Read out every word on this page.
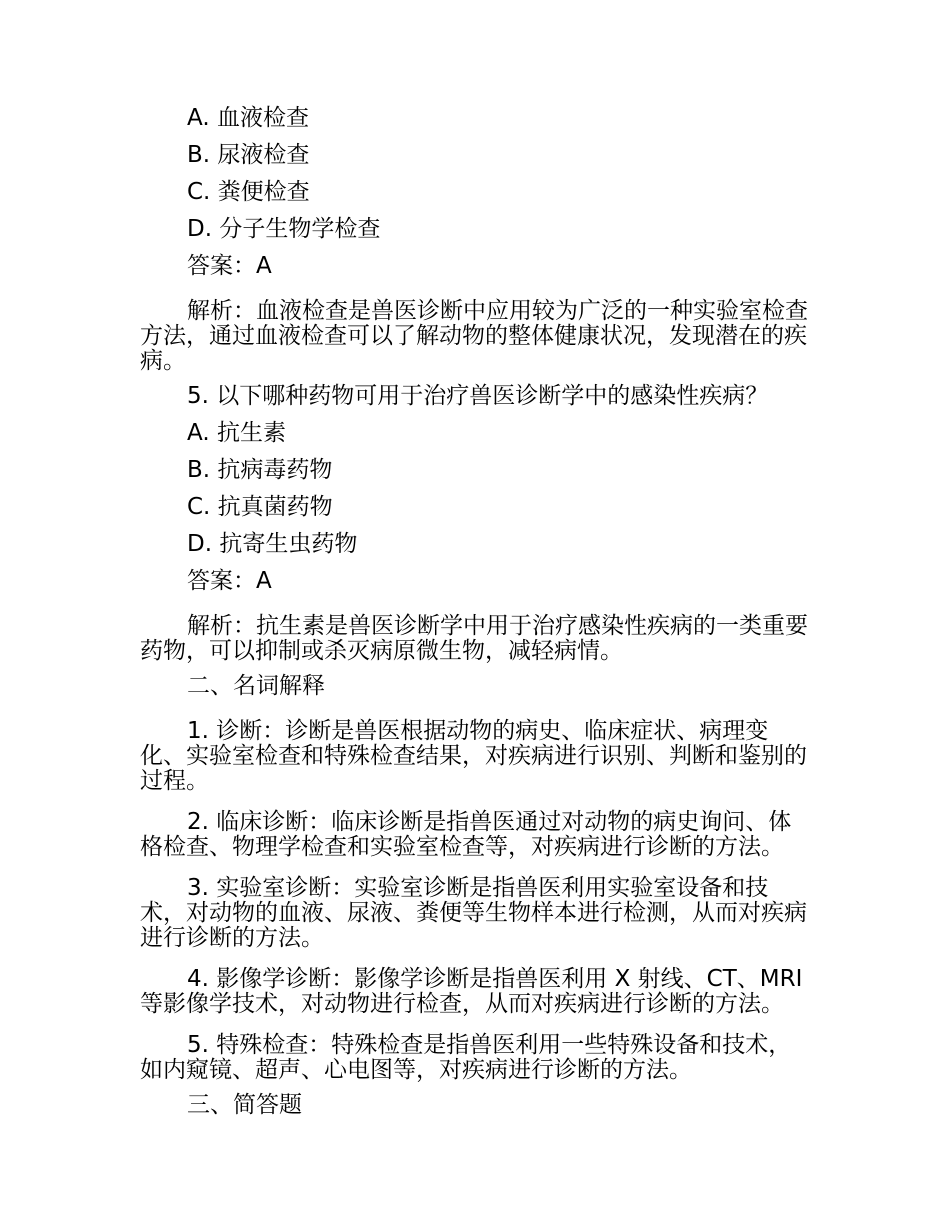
A. 血液检查
B. 尿液检查
C. 粪便检查
D. 分子生物学检查
答案：A
解析：血液检查是兽医诊断中应用较为广泛的一种实验室检查方法，通过血液检查可以了解动物的整体健康状况，发现潜在的疾病。
5. 以下哪种药物可用于治疗兽医诊断学中的感染性疾病？
A. 抗生素
B. 抗病毒药物
C. 抗真菌药物
D. 抗寄生虫药物
答案：A
解析：抗生素是兽医诊断学中用于治疗感染性疾病的一类重要药物，可以抑制或杀灭病原微生物，减轻病情。
二、名词解释
1. 诊断：诊断是兽医根据动物的病史、临床症状、病理变化、实验室检查和特殊检查结果，对疾病进行识别、判断和鉴别的过程。
2. 临床诊断：临床诊断是指兽医通过对动物的病史询问、体格检查、物理学检查和实验室检查等，对疾病进行诊断的方法。
3. 实验室诊断：实验室诊断是指兽医利用实验室设备和技术，对动物的血液、尿液、粪便等生物样本进行检测，从而对疾病进行诊断的方法。
4. 影像学诊断：影像学诊断是指兽医利用 X 射线、CT、MRI 等影像学技术，对动物进行检查，从而对疾病进行诊断的方法。
5. 特殊检查：特殊检查是指兽医利用一些特殊设备和技术，如内窥镜、超声、心电图等，对疾病进行诊断的方法。
三、简答题
